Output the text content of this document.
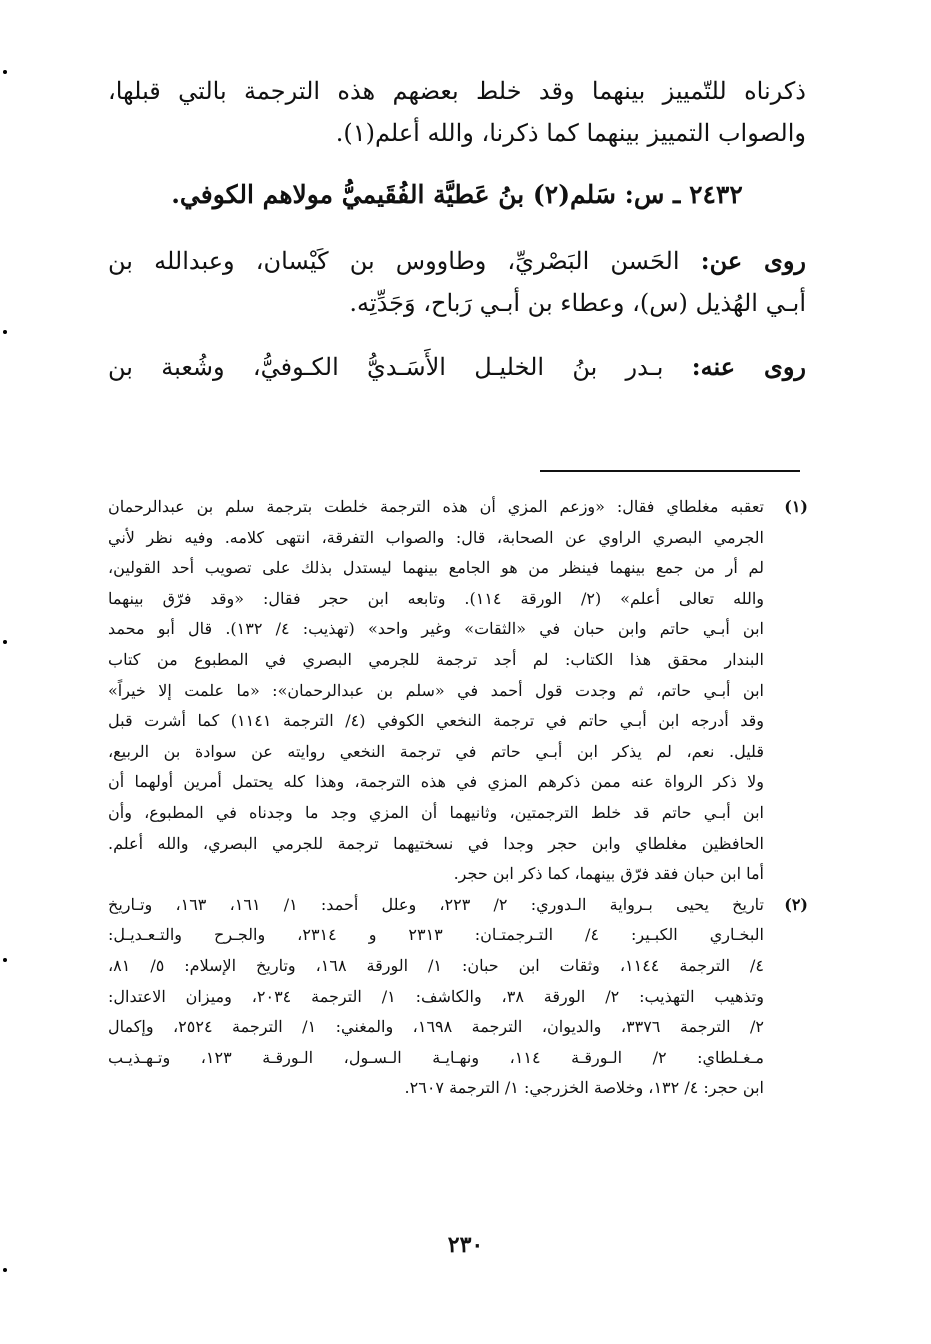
ذكرناه للتّمييز بينهما وقد خلط بعضهم هذه الترجمة بالتي قبلها،
والصواب التمييز بينهما كما ذكرنا، والله أعلم(١).
٢٤٣٢ ـ س: سَلم(٢) بنُ عَطيَّة الفُقَيميُّ مولاهم الكوفي.
روى عن: الحَسن البَصْريِّ، وطاووس بن كَيْسان، وعبدالله بن
أبـي الهُذيل (س)، وعطاء بن أبـي رَباح، وَجَدِّتِه.
روى عنه: بـدر بنُ الخليـل الأَسَـديُّ الكـوفيُّ، وشُعبة بن
(١)
تعقبه مغلطاي فقال: «وزعم المزي أن هذه الترجمة خلطت بترجمة سلم بن عبدالرحمان
الجرمي البصري الراوي عن الصحابة، قال: والصواب التفرقة، انتهى كلامه. وفيه نظر لأني
لم أر من جمع بينهما فينظر من هو الجامع بينهما ليستدل بذلك على تصويب أحد القولين،
والله تعالى أعلم» (٢/ الورقة ١١٤). وتابعه ابن حجر فقال: «وقد فرّق بينهما
ابن أبـي حاتم وابن حبان في «الثقات» وغير واحد» (تهذيب: ٤/ ١٣٢). قال أبو محمد
البندار محقق هذا الكتاب: لم أجد ترجمة للجرمي البصري في المطبوع من كتاب
ابن أبـي حاتم، ثم وجدت قول أحمد في «سلم بن عبدالرحمان»: «ما علمت إلا خيراً»
وقد أدرجه ابن أبـي حاتم في ترجمة النخعي الكوفي (٤/ الترجمة ١١٤١) كما أشرت قبل
قليل. نعم، لم يذكر ابن أبـي حاتم في ترجمة النخعي روايته عن سوادة بن الربيع،
ولا ذكر الرواة عنه ممن ذكرهم المزي في هذه الترجمة، وهذا كله يحتمل أمرين أولهما أن
ابن أبـي حاتم قد خلط الترجمتين، وثانيهما أن المزي وجد ما وجدناه في المطبوع، وأن
الحافظين مغلطاي وابن حجر وجدا في نسختيهما ترجمة للجرمي البصري، والله أعلم.
أما ابن حبان فقد فرّق بينهما، كما ذكر ابن حجر.
(٢)
تاريخ يحيى بـرواية الـدوري: ٢/ ٢٢٣، وعلل أحمد: ١/ ١٦١، ١٦٣، وتـاريخ
البخـاري الكبـير: ٤/ التـرجمتـان: ٢٣١٣ و ٢٣١٤، والجـرح والتـعـديـل:
٤/ الترجمة ١١٤٤، وثقات ابن حبان: ١/ الورقة ١٦٨، وتاريخ الإسلام: ٥/ ٨١،
وتذهيب التهذيب: ٢/ الورقة ٣٨، والكاشف: ١/ الترجمة ٢٠٣٤، وميزان الاعتدال:
٢/ الترجمة ٣٣٧٦، والديوان، الترجمة ١٦٩٨، والمغني: ١/ الترجمة ٢٥٢٤، وإكمال
مـغـلطاي: ٢/ الـورقـة ١١٤، ونهـايـة الـسـول، الـورقـة ١٢٣، وتـهـذيـب
ابن حجر: ٤/ ١٣٢، وخلاصة الخزرجي: ١/ الترجمة ٢٦٠٧.
٢٣٠
